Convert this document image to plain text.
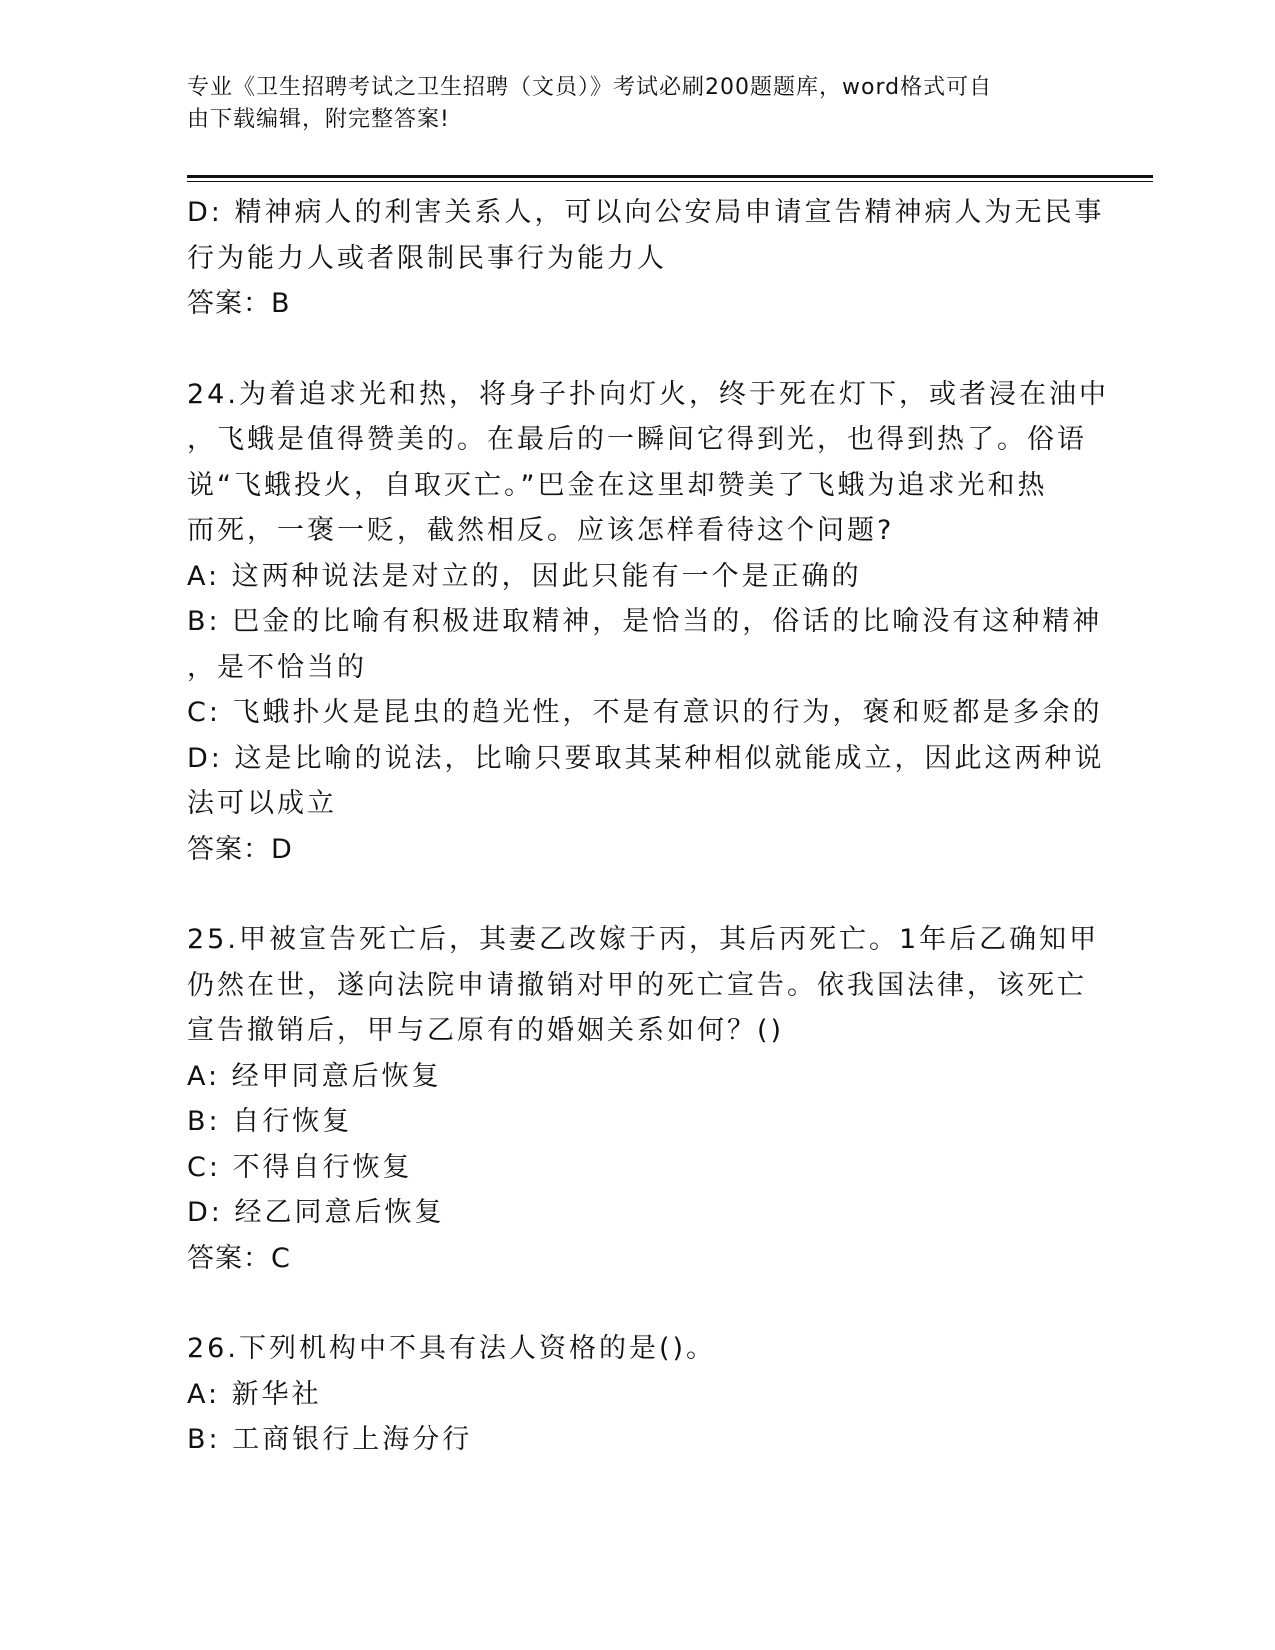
专业《卫生招聘考试之卫生招聘（文员）》考试必刷200题题库，word格式可自
由下载编辑，附完整答案!
D: 精神病人的利害关系人，可以向公安局申请宣告精神病人为无民事
行为能力人或者限制民事行为能力人
答案：B
24.为着追求光和热，将身子扑向灯火，终于死在灯下，或者浸在油中
，飞蛾是值得赞美的。在最后的一瞬间它得到光，也得到热了。俗语
说“飞蛾投火，自取灭亡。”巴金在这里却赞美了飞蛾为追求光和热
而死，一褒一贬，截然相反。应该怎样看待这个问题?
A: 这两种说法是对立的，因此只能有一个是正确的
B: 巴金的比喻有积极进取精神，是恰当的，俗话的比喻没有这种精神
，是不恰当的
C: 飞蛾扑火是昆虫的趋光性，不是有意识的行为，褒和贬都是多余的
D: 这是比喻的说法，比喻只要取其某种相似就能成立，因此这两种说
法可以成立
答案：D
25.甲被宣告死亡后，其妻乙改嫁于丙，其后丙死亡。1年后乙确知甲
仍然在世，遂向法院申请撤销对甲的死亡宣告。依我国法律，该死亡
宣告撤销后，甲与乙原有的婚姻关系如何？()
A: 经甲同意后恢复
B: 自行恢复
C: 不得自行恢复
D: 经乙同意后恢复
答案：C
26.下列机构中不具有法人资格的是()。
A: 新华社
B: 工商银行上海分行
